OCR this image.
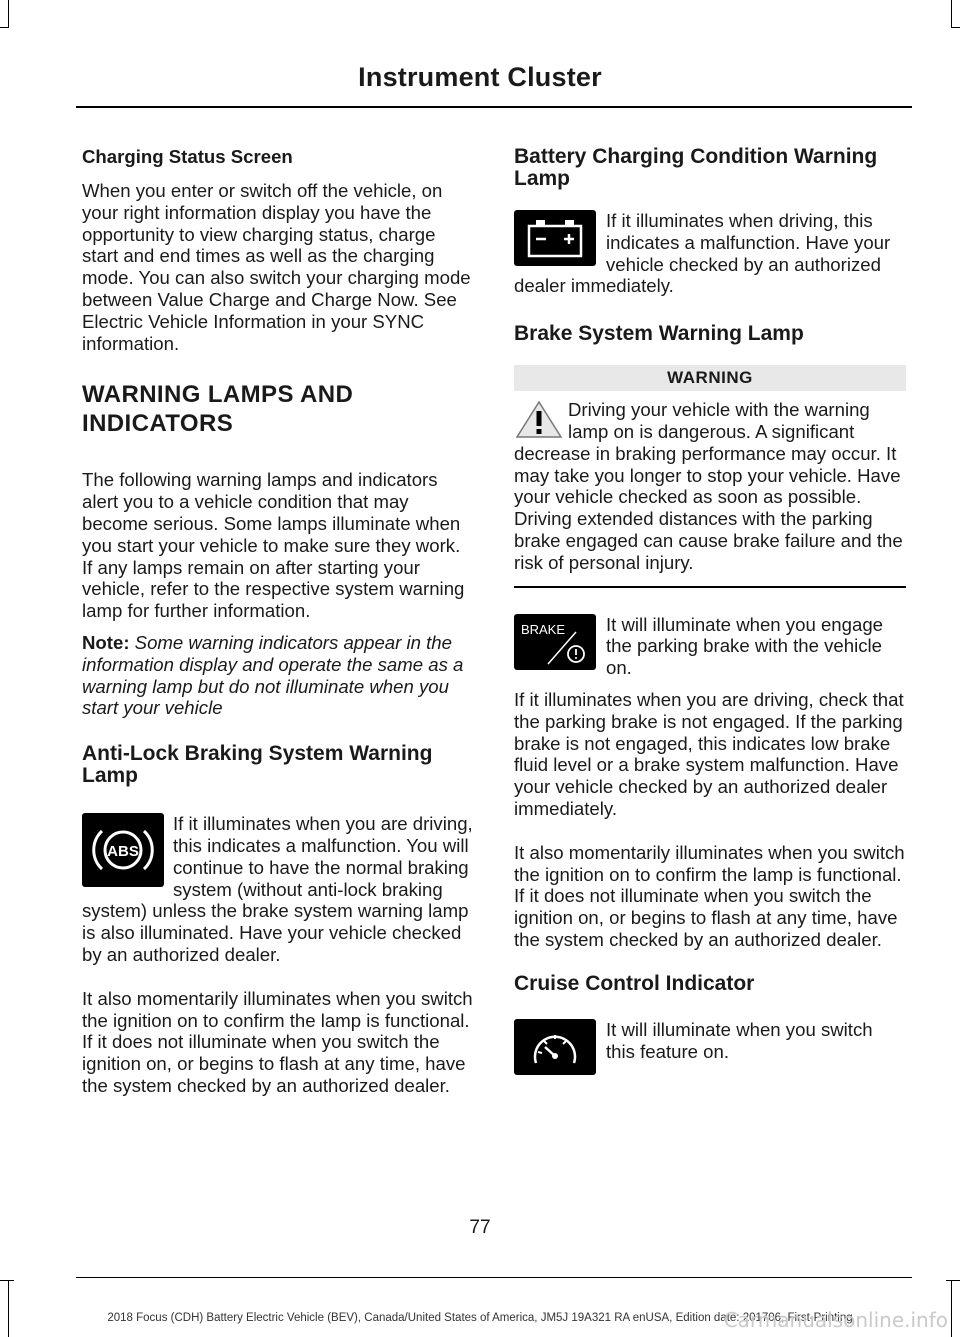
Instrument Cluster

Charging Status Screen

When you enter or switch off the vehicle, on your right information display you have the opportunity to view charging status, charge start and end times as well as the charging mode. You can also switch your charging mode between Value Charge and Charge Now. See Electric Vehicle Information in your SYNC information.

WARNING LAMPS AND

INDICATORS

The following warning lamps and indicators alert you to a vehicle condition that may become serious. Some lamps illuminate when you start your vehicle to make sure they work. If any lamps remain on after starting your vehicle, refer to the respective system warning lamp for further information.

Note: Some warning indicators appear in the information display and operate the same as a warning lamp but do not illuminate when you start your vehicle

Anti-Lock Braking System Warning Lamp

ABS

If it illuminates when you are driving, this indicates a malfunction. You will continue to have the normal braking system (without anti-lock braking system) unless the brake system warning lamp is also illuminated. Have your vehicle checked by an authorized dealer.

It also momentarily illuminates when you switch the ignition on to confirm the lamp is functional. If it does not illuminate when you switch the ignition on, or begins to flash at any time, have the system checked by an authorized dealer.

Battery Charging Condition Warning Lamp

If it illuminates when driving, this indicates a malfunction. Have your vehicle checked by an authorized dealer immediately.

Brake System Warning Lamp

WARNING

Driving your vehicle with the warning lamp on is dangerous. A significant decrease in braking performance may occur. It may take you longer to stop your vehicle. Have your vehicle checked as soon as possible. Driving extended distances with the parking brake engaged can cause brake failure and the risk of personal injury.

BRAKE	It will illuminate when you engage the parking brake with the vehicle on.

If it illuminates when you are driving, check that the parking brake is not engaged. If the parking brake is not engaged, this indicates low brake fluid level or a brake system malfunction. Have your vehicle checked by an authorized dealer immediately.

It also momentarily illuminates when you switch the ignition on to confirm the lamp is functional. If it does not illuminate when you switch the ignition on, or begins to flash at any time, have the system checked by an authorized dealer.

Cruise Control Indicator

It will illuminate when you switch this feature on.

77
2018 Focus (CDH) Battery Electric Vehicle (BEV), Canada/United States of America, JM5J 19A321 RA enUSA, Edition date: 201706, First-Printing
Carmanualsonline.info
